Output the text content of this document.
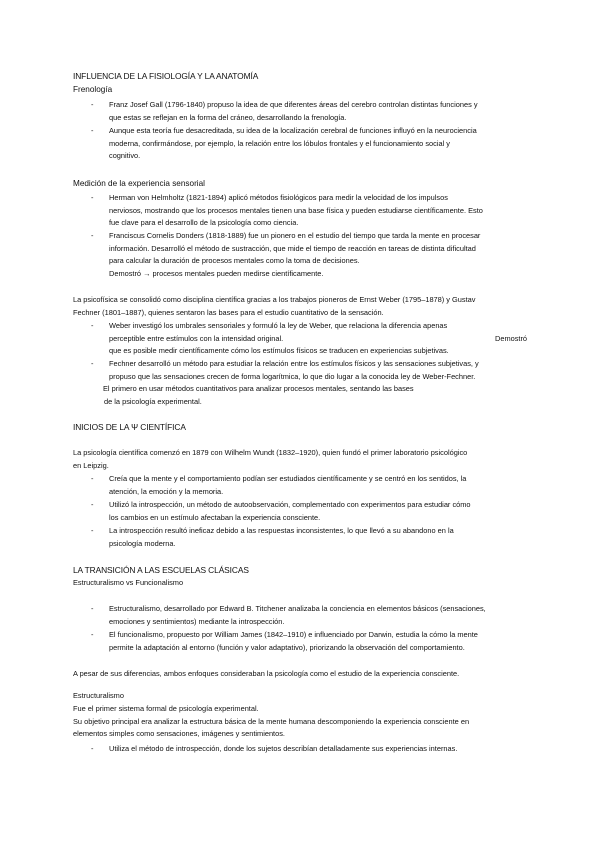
INFLUENCIA DE LA FISIOLOGÍA Y LA ANATOMÍA
Frenología
-	Franz Josef Gall (1796-1840) propuso la idea de que diferentes áreas del cerebro controlan distintas funciones y
que estas se reflejan en la forma del cráneo, desarrollando la frenología.
-	Aunque esta teoría fue desacreditada, su idea de la localización cerebral de funciones influyó en la neurociencia
moderna, confirmándose, por ejemplo, la relación entre los lóbulos frontales y el funcionamiento social y
cognitivo.
Medición de la experiencia sensorial
-	Herman von Helmholtz (1821-1894) aplicó métodos fisiológicos para medir la velocidad de los impulsos
nerviosos, mostrando que los procesos mentales tienen una base física y pueden estudiarse científicamente. Esto
fue clave para el desarrollo de la psicología como ciencia.
-	Franciscus Cornelis Donders (1818-1889) fue un pionero en el estudio del tiempo que tarda la mente en procesar
información. Desarrolló el método de sustracción, que mide el tiempo de reacción en tareas de distinta dificultad
para calcular la duración de procesos mentales como la toma de decisiones.
Demostró → procesos mentales pueden medirse científicamente.
La psicofísica se consolidó como disciplina científica gracias a los trabajos pioneros de Ernst Weber (1795–1878) y Gustav
Fechner (1801–1887), quienes sentaron las bases para el estudio cuantitativo de la sensación.
-	Weber investigó los umbrales sensoriales y formuló la ley de Weber, que relaciona la diferencia apenas
perceptible entre estímulos con la intensidad original.	Demostró
que es posible medir científicamente cómo los estímulos físicos se traducen en experiencias subjetivas.
-	Fechner desarrolló un método para estudiar la relación entre los estímulos físicos y las sensaciones subjetivas, y
propuso que las sensaciones crecen de forma logarítmica, lo que dio lugar a la conocida ley de Weber-Fechner.
El primero en usar métodos cuantitativos para analizar procesos mentales, sentando las bases
de la psicología experimental.
INICIOS DE LA Ψ CIENTÍFICA
La psicología científica comenzó en 1879 con Wilhelm Wundt (1832–1920), quien fundó el primer laboratorio psicológico
en Leipzig.
-	Creía que la mente y el comportamiento podían ser estudiados científicamente y se centró en los sentidos, la
atención, la emoción y la memoria.
-	Utilizó la introspección, un método de autoobservación, complementado con experimentos para estudiar cómo
los cambios en un estímulo afectaban la experiencia consciente.
-	La introspección resultó ineficaz debido a las respuestas inconsistentes, lo que llevó a su abandono en la
psicología moderna.
LA TRANSICIÓN A LAS ESCUELAS CLÁSICAS
Estructuralismo vs Funcionalismo
-	Estructuralismo, desarrollado por Edward B. Titchener analizaba la conciencia en elementos básicos (sensaciones,
emociones y sentimientos) mediante la introspección.
-	El funcionalismo, propuesto por William James (1842–1910) e influenciado por Darwin, estudia la cómo la mente
permite la adaptación al entorno (función y valor adaptativo), priorizando la observación del comportamiento.
A pesar de sus diferencias, ambos enfoques consideraban la psicología como el estudio de la experiencia consciente.
Estructuralismo
Fue el primer sistema formal de psicología experimental.
Su objetivo principal era analizar la estructura básica de la mente humana descomponiendo la experiencia consciente en
elementos simples como sensaciones, imágenes y sentimientos.
-	Utiliza el método de introspección, donde los sujetos describían detalladamente sus experiencias internas.
